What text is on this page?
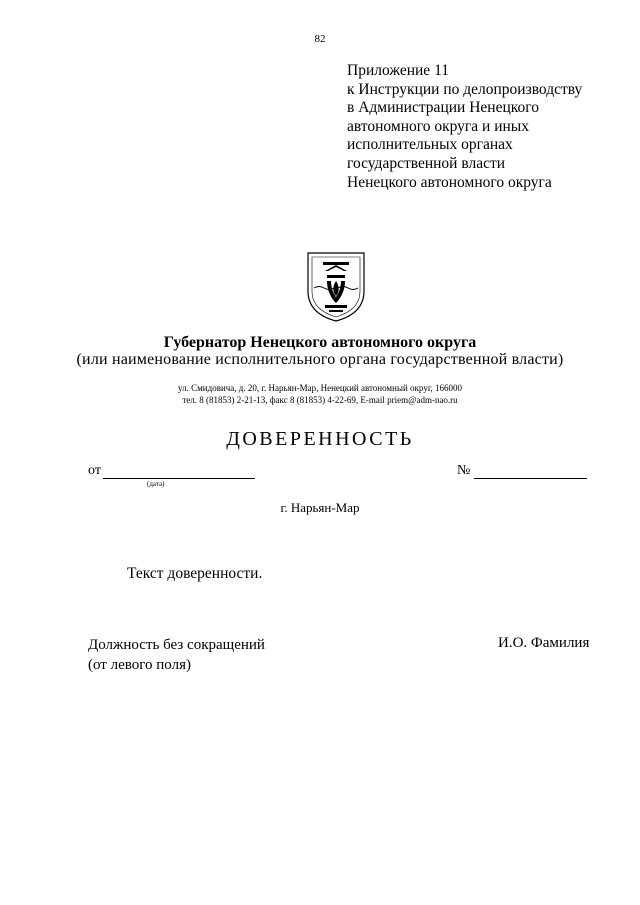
82
Приложение 11
к Инструкции по делопроизводству
в Администрации Ненецкого
автономного округа и иных
исполнительных органах
государственной власти
Ненецкого автономного округа
Губернатор Ненецкого автономного округа
(или наименование исполнительного органа государственной власти)
ул. Смидовича, д. 20, г. Нарьян-Мар, Ненецкий автономный округ, 166000
тел. 8 (81853) 2-21-13, факс 8 (81853) 4-22-69, E-mail priem@adm-nao.ru
ДОВЕРЕННОСТЬ
от
(дата)
№
г. Нарьян-Мар
Текст доверенности.
Должность без сокращений
(от левого поля)
И.О. Фамилия
